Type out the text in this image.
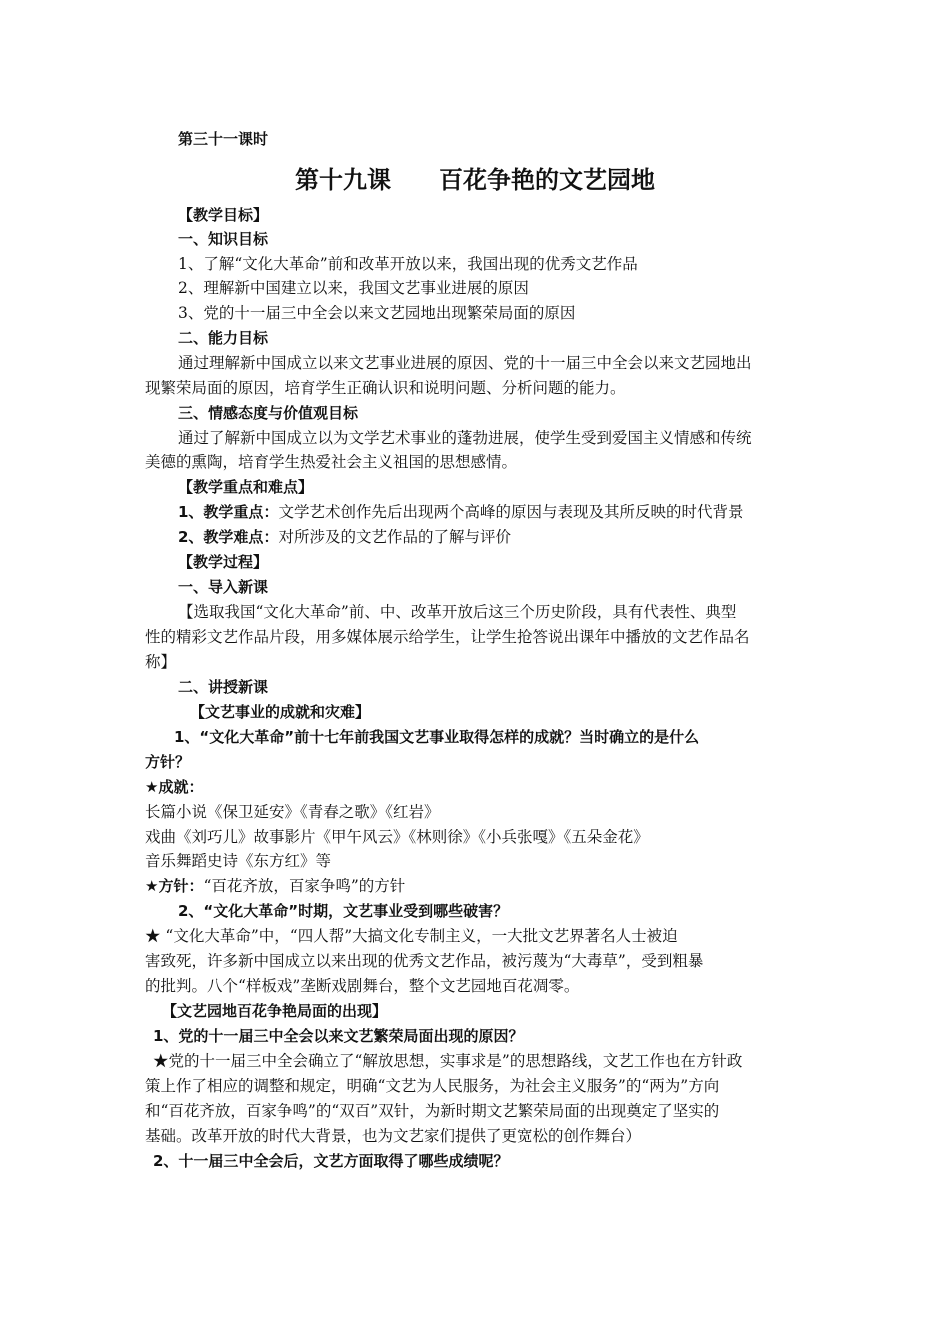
第三十一课时
第十九课　　百花争艳的文艺园地
【教学目标】
一、知识目标
1、了解“文化大革命”前和改革开放以来，我国出现的优秀文艺作品
2、理解新中国建立以来，我国文艺事业进展的原因
3、党的十一届三中全会以来文艺园地出现繁荣局面的原因
二、能力目标
通过理解新中国成立以来文艺事业进展的原因、党的十一届三中全会以来文艺园地出
现繁荣局面的原因，培育学生正确认识和说明问题、分析问题的能力。
三、情感态度与价值观目标
通过了解新中国成立以为文学艺术事业的蓬勃进展，使学生受到爱国主义情感和传统
美德的熏陶，培育学生热爱社会主义祖国的思想感情。
【教学重点和难点】
1、教学重点：文学艺术创作先后出现两个高峰的原因与表现及其所反映的时代背景
2、教学难点：对所涉及的文艺作品的了解与评价
【教学过程】
一、导入新课
【选取我国“文化大革命”前、中、改革开放后这三个历史阶段，具有代表性、典型
性的精彩文艺作品片段，用多媒体展示给学生，让学生抢答说出课年中播放的文艺作品名
称】
二、讲授新课
【文艺事业的成就和灾难】
1、“文化大革命”前十七年前我国文艺事业取得怎样的成就？当时确立的是什么
方针？
★成就：
长篇小说《保卫延安》《青春之歌》《红岩》
戏曲《刘巧儿》故事影片《甲午风云》《林则徐》《小兵张嘎》《五朵金花》
音乐舞蹈史诗《东方红》等
★方针：“百花齐放，百家争鸣”的方针
2、“文化大革命”时期，文艺事业受到哪些破害？
★ “文化大革命”中，“四人帮”大搞文化专制主义，一大批文艺界著名人士被迫
害致死，许多新中国成立以来出现的优秀文艺作品，被污蔑为“大毒草”，受到粗暴
的批判。八个“样板戏”垄断戏剧舞台，整个文艺园地百花凋零。
【文艺园地百花争艳局面的出现】
1、党的十一届三中全会以来文艺繁荣局面出现的原因？
★党的十一届三中全会确立了“解放思想，实事求是”的思想路线，文艺工作也在方针政
策上作了相应的调整和规定，明确“文艺为人民服务，为社会主义服务”的“两为”方向
和“百花齐放，百家争鸣”的“双百”双针，为新时期文艺繁荣局面的出现奠定了坚实的
基础。改革开放的时代大背景，也为文艺家们提供了更宽松的创作舞台）
2、十一届三中全会后，文艺方面取得了哪些成绩呢？
